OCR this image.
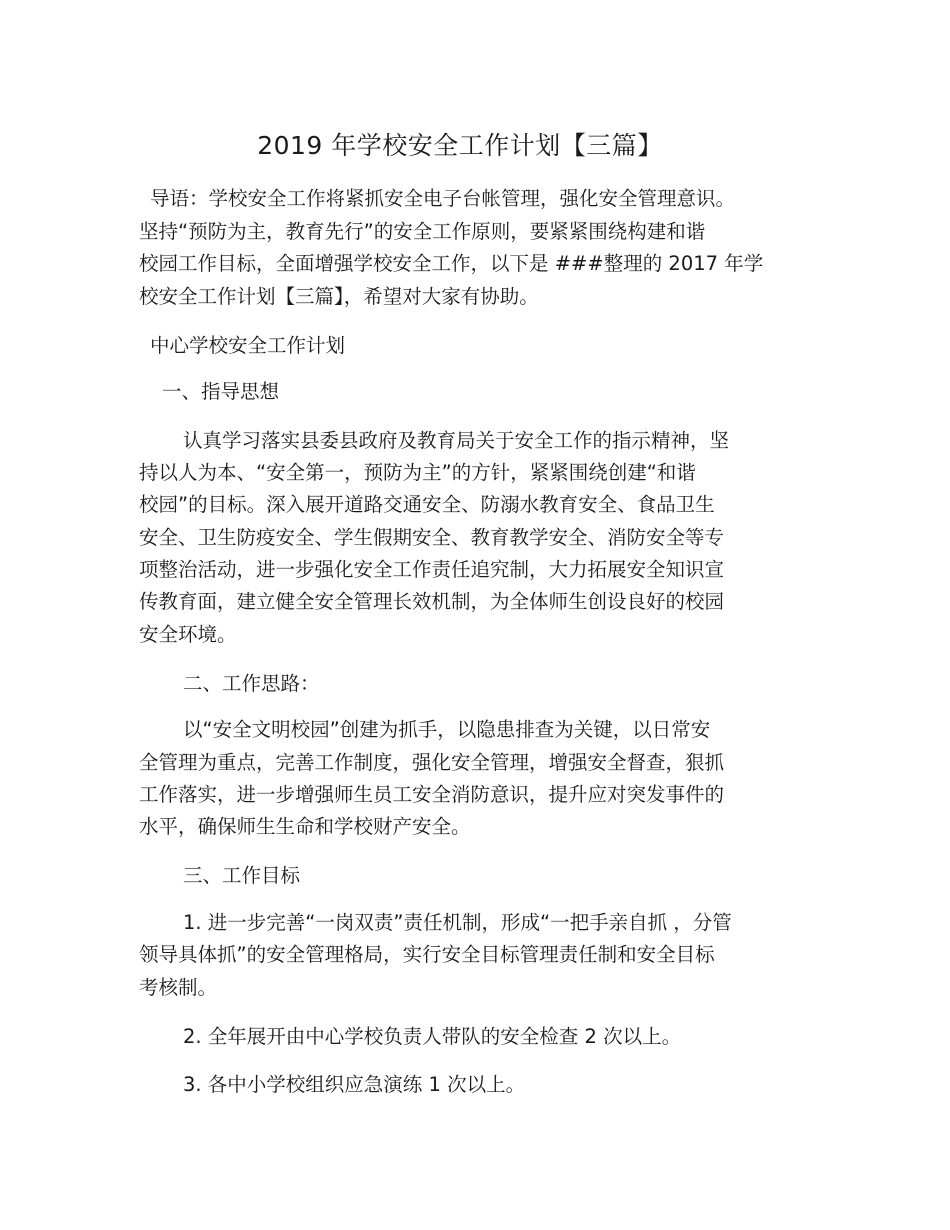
2019 年学校安全工作计划【三篇】
导语：学校安全工作将紧抓安全电子台帐管理，强化安全管理意识。
坚持“预防为主，教育先行”的安全工作原则，要紧紧围绕构建和谐
校园工作目标，全面增强学校安全工作，以下是 ###整理的 2017 年学
校安全工作计划【三篇】，希望对大家有协助。
中心学校安全工作计划
一、指导思想
认真学习落实县委县政府及教育局关于安全工作的指示精神，坚
持以人为本、“安全第一，预防为主”的方针，紧紧围绕创建“和谐
校园”的目标。深入展开道路交通安全、防溺水教育安全、食品卫生
安全、卫生防疫安全、学生假期安全、教育教学安全、消防安全等专
项整治活动，进一步强化安全工作责任追究制，大力拓展安全知识宣
传教育面，建立健全安全管理长效机制，为全体师生创设良好的校园
安全环境。
二、工作思路：
以“安全文明校园”创建为抓手，以隐患排查为关键，以日常安
全管理为重点，完善工作制度，强化安全管理，增强安全督查，狠抓
工作落实，进一步增强师生员工安全消防意识，提升应对突发事件的
水平，确保师生生命和学校财产安全。
三、工作目标
1. 进一步完善“一岗双责”责任机制，形成“一把手亲自抓 ，分管
领导具体抓”的安全管理格局，实行安全目标管理责任制和安全目标
考核制。
2. 全年展开由中心学校负责人带队的安全检查 2 次以上。
3. 各中小学校组织应急演练 1 次以上。
